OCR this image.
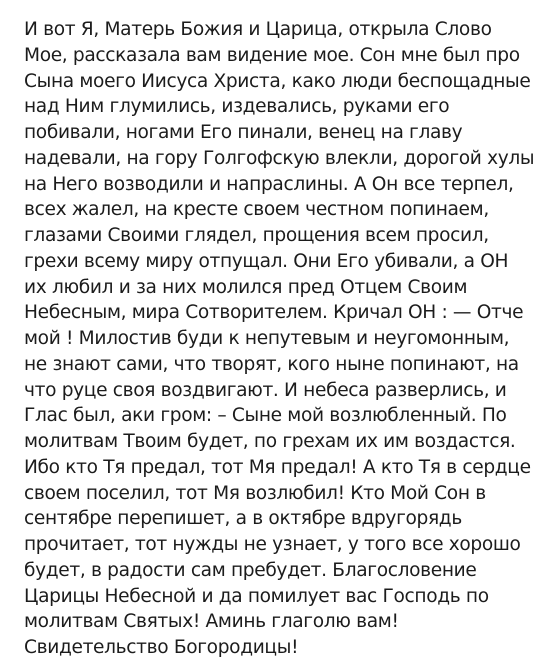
И вот Я, Матерь Божия и Царица, открыла Слово
Мое, рассказала вам видение мое. Сон мне был про
Сына моего Иисуса Христа, како люди беспощадные
над Ним глумились, издевались, руками его
побивали, ногами Его пинали, венец на главу
надевали, на гору Голгофскую влекли, дорогой хулы
на Него возводили и напраслины. А Он все терпел,
всех жалел, на кресте своем честном попинаем,
глазами Своими глядел, прощения всем просил,
грехи всему миру отпущал. Они Его убивали, а ОН
их любил и за них молился пред Отцем Своим
Небесным, мира Сотворителем. Кричал ОН : — Отче
мой ! Милостив буди к непутевым и неугомонным,
не знают сами, что творят, кого ныне попинают, на
что руце своя воздвигают. И небеса разверлись, и
Глас был, аки гром: – Сыне мой возлюбленный. По
молитвам Твоим будет, по грехам их им воздастся.
Ибо кто Тя предал, тот Мя предал! А кто Тя в сердце
своем поселил, тот Мя возлюбил! Кто Мой Сон в
сентябре перепишет, а в октябре вдругорядь
прочитает, тот нужды не узнает, у того все хорошо
будет, в радости сам пребудет. Благословение
Царицы Небесной и да помилует вас Господь по
молитвам Святых! Аминь глаголю вам!
Свидетельство Богородицы!
